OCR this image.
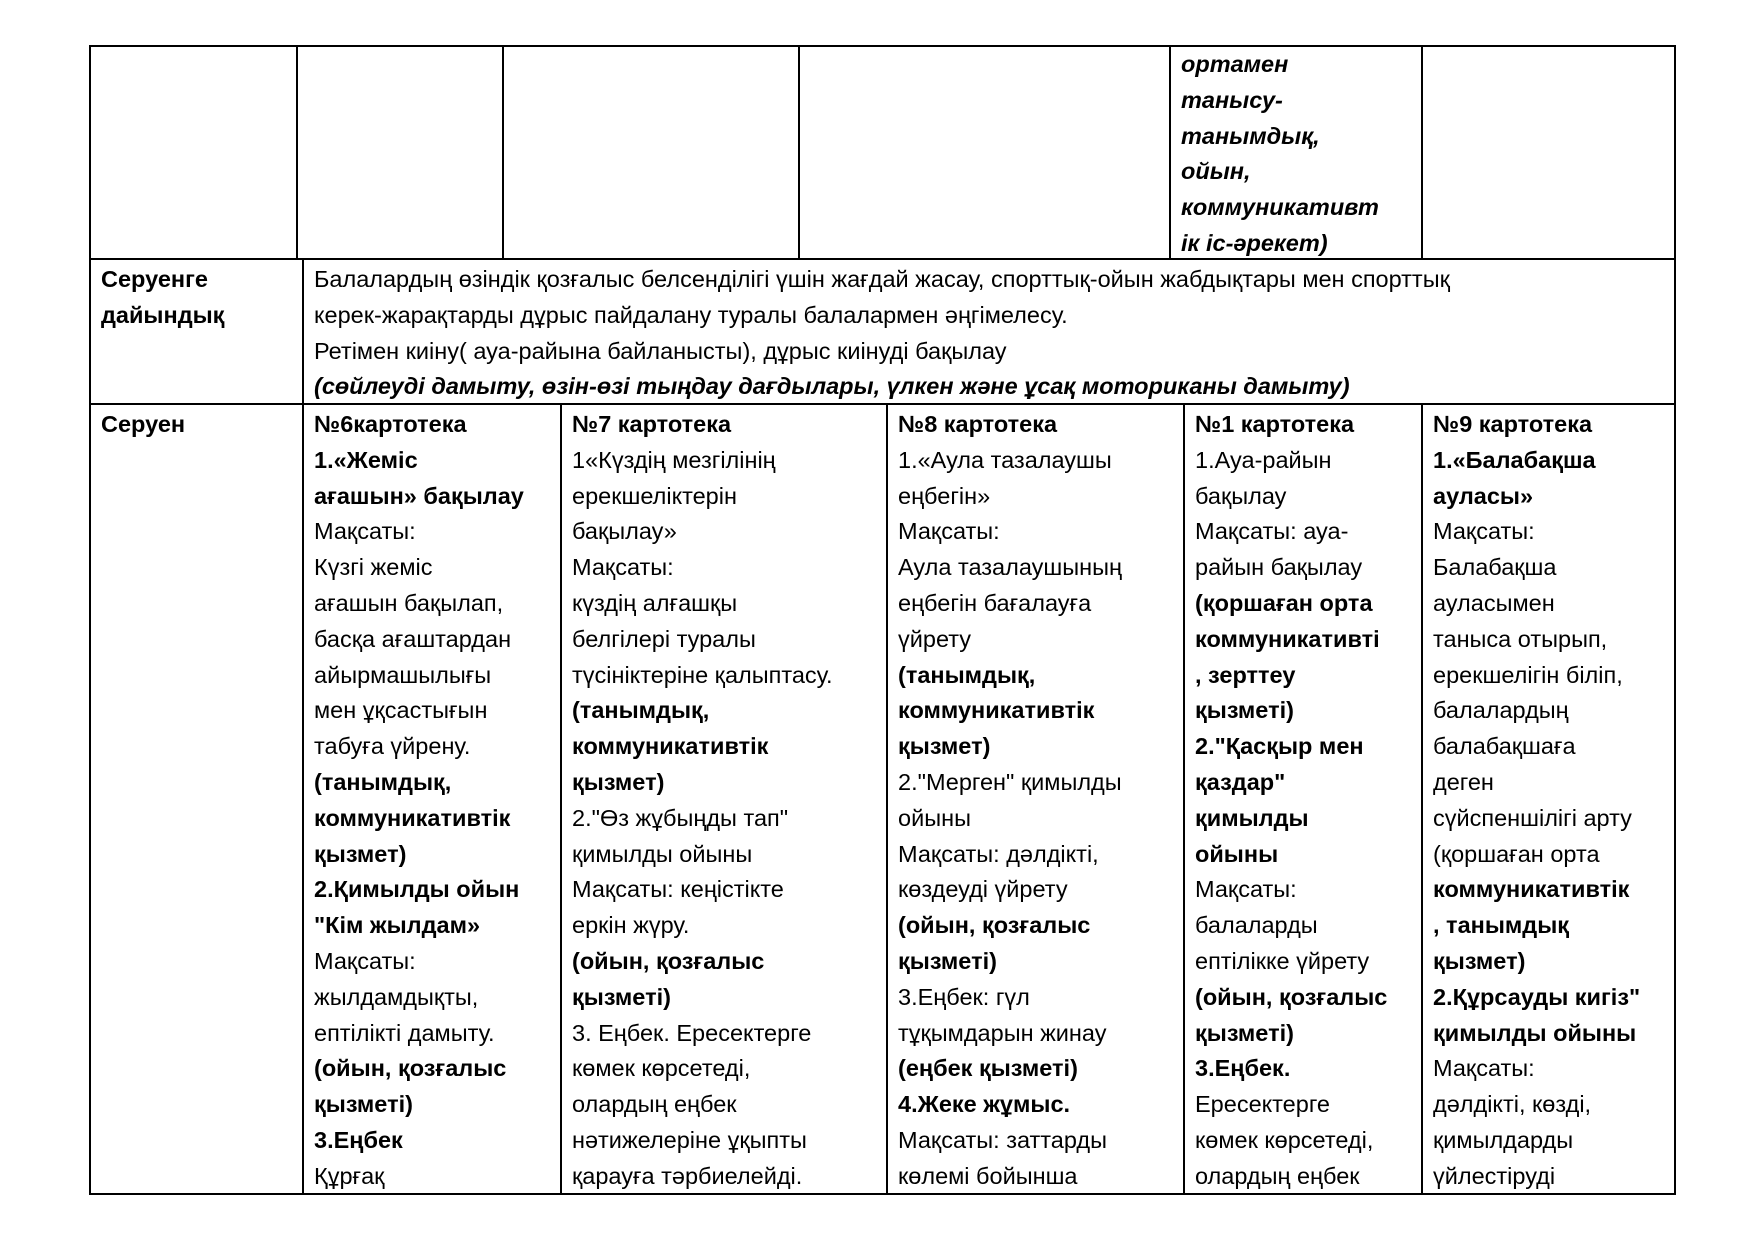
ортамен
танысу-
танымдық,
ойын,
коммуникативт
ік іс-әрекет)
Серуенге
дайындық
Балалардың өзіндік қозғалыс белсенділігі үшін жағдай жасау, спорттық-ойын жабдықтары мен спорттық
керек-жарақтарды дұрыс пайдалану туралы балалармен әңгімелесу.
Ретімен киіну( ауа-райына байланысты), дұрыс киінуді бақылау
(сөйлеуді дамыту, өзін-өзі тыңдау дағдылары, үлкен және ұсақ моториканы дамыту)
Серуен	№6картотека
1.«Жеміс
ағашын» бақылау
Мақсаты:
Күзгі жеміс
ағашын бақылап,
басқа ағаштардан
айырмашылығы
мен ұқсастығын
табуға үйрену.
(танымдық,
коммуникативтік
қызмет)
2.Қимылды ойын
"Кім жылдам»
Мақсаты:
жылдамдықты,
ептілікті дамыту.
(ойын, қозғалыс
қызметі)
3.Еңбек
Құрғақ
№7 картотека
1«Күздің мезгілінің
ерекшеліктерін
бақылау»
Мақсаты:
күздің алғашқы
белгілері туралы
түсініктеріне қалыптасу.
(танымдық,
коммуникативтік
қызмет)
2."Өз жұбыңды тап"
қимылды ойыны
Мақсаты: кеңістікте
еркін жүру.
(ойын, қозғалыс
қызметі)
3. Еңбек. Ересектерге
көмек көрсетеді,
олардың еңбек
нәтижелеріне ұқыпты
қарауға тәрбиелейді.
№8 картотека
1.«Аула тазалаушы
еңбегін»
Мақсаты:
Аула тазалаушының
еңбегін бағалауға
үйрету
(танымдық,
коммуникативтік
қызмет)
2."Мерген" қимылды
ойыны
Мақсаты: дәлдікті,
көздеуді үйрету
(ойын, қозғалыс
қызметі)
3.Еңбек: гүл
тұқымдарын жинау
(еңбек қызметі)
4.Жеке жұмыс.
Мақсаты: заттарды
көлемі бойынша
№1 картотека
1.Ауа-райын
бақылау
Мақсаты: ауа-
райын бақылау
(қоршаған орта
коммуникативті
, зерттеу
қызметі)
2."Қасқыр мен
қаздар"
қимылды
ойыны
Мақсаты:
балаларды
ептілікке үйрету
(ойын, қозғалыс
қызметі)
3.Еңбек.
Ересектерге
көмек көрсетеді,
олардың еңбек
№9 картотека
1.«Балабақша
ауласы»
Мақсаты:
Балабақша
ауласымен
таныса отырып,
ерекшелігін біліп,
балалардың
балабақшаға
деген
сүйспеншілігі арту
(қоршаған орта
коммуникативтік
, танымдық
қызмет)
2.Құрсауды кигіз"
қимылды ойыны
Мақсаты:
дәлдікті, көзді,
қимылдарды
үйлестіруді
